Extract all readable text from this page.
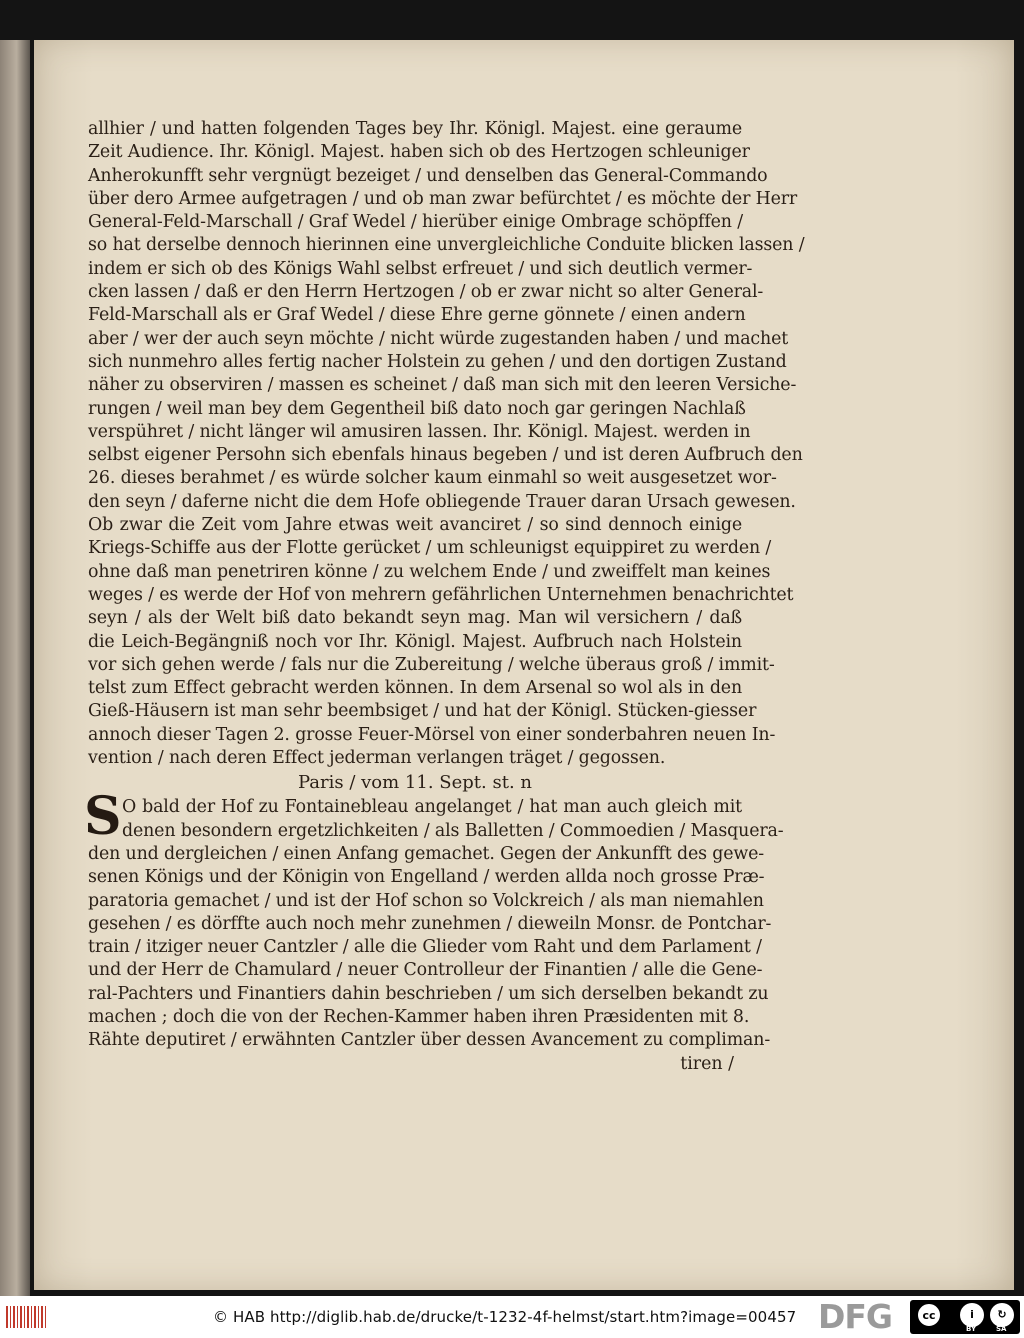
allhier / und hatten folgenden Tages bey Ihr. Königl. Majest. eine geraume
Zeit Audience. Ihr. Königl. Majest. haben sich ob des Hertzogen schleuniger
Anherokunfft sehr vergnügt bezeiget / und denselben das General-Commando
über dero Armee aufgetragen / und ob man zwar befürchtet / es möchte der Herr
General-Feld-Marschall / Graf Wedel / hierüber einige Ombrage schöpffen /
so hat derselbe dennoch hierinnen eine unvergleichliche Conduite blicken lassen /
indem er sich ob des Königs Wahl selbst erfreuet / und sich deutlich vermer-
cken lassen / daß er den Herrn Hertzogen / ob er zwar nicht so alter General-
Feld-Marschall als er Graf Wedel / diese Ehre gerne gönnete / einen andern
aber / wer der auch seyn möchte / nicht würde zugestanden haben / und machet
sich nunmehro alles fertig nacher Holstein zu gehen / und den dortigen Zustand
näher zu observiren / massen es scheinet / daß man sich mit den leeren Versiche-
rungen / weil man bey dem Gegentheil biß dato noch gar geringen Nachlaß
verspühret / nicht länger wil amusiren lassen. Ihr. Königl. Majest. werden in
selbst eigener Persohn sich ebenfals hinaus begeben / und ist deren Aufbruch den
26. dieses berahmet / es würde solcher kaum einmahl so weit ausgesetzet wor-
den seyn / daferne nicht die dem Hofe obliegende Trauer daran Ursach gewesen.
Ob zwar die Zeit vom Jahre etwas weit avanciret / so sind dennoch einige
Kriegs-Schiffe aus der Flotte gerücket / um schleunigst equippiret zu werden /
ohne daß man penetriren könne / zu welchem Ende / und zweiffelt man keines
weges / es werde der Hof von mehrern gefährlichen Unternehmen benachrichtet
seyn / als der Welt biß dato bekandt seyn mag. Man wil versichern / daß
die Leich-Begängniß noch vor Ihr. Königl. Majest. Aufbruch nach Holstein
vor sich gehen werde / fals nur die Zubereitung / welche überaus groß / immit-
telst zum Effect gebracht werden können. In dem Arsenal so wol als in den
Gieß-Häusern ist man sehr beembsiget / und hat der Königl. Stücken-giesser
annoch dieser Tagen 2. grosse Feuer-Mörsel von einer sonderbahren neuen In-
vention / nach deren Effect jederman verlangen träget / gegossen.
Paris / vom 11. Sept. st. n
S O bald der Hof zu Fontainebleau angelanget / hat man auch gleich mit
denen besondern ergetzlichkeiten / als Balletten / Commoedien / Masquera-
den und dergleichen / einen Anfang gemachet. Gegen der Ankunfft des gewe-
senen Königs und der Königin von Engelland / werden allda noch grosse Præ-
paratoria gemachet / und ist der Hof schon so Volckreich / als man niemahlen
gesehen / es dörffte auch noch mehr zunehmen / dieweiln Monsr. de Pontchar-
train / itziger neuer Cantzler / alle die Glieder vom Raht und dem Parlament /
und der Herr de Chamulard / neuer Controlleur der Finantien / alle die Gene-
ral-Pachters und Finantiers dahin beschrieben / um sich derselben bekandt zu
machen ; doch die von der Rechen-Kammer haben ihren Præsidenten mit 8.
Rähte deputiret / erwähnten Cantzler über dessen Avancement zu compliman-
tiren /
© HAB http://diglib.hab.de/drucke/t-1232-4f-helmst/start.htm?image=00457 DFG	cc	i	↻
BY	SA
